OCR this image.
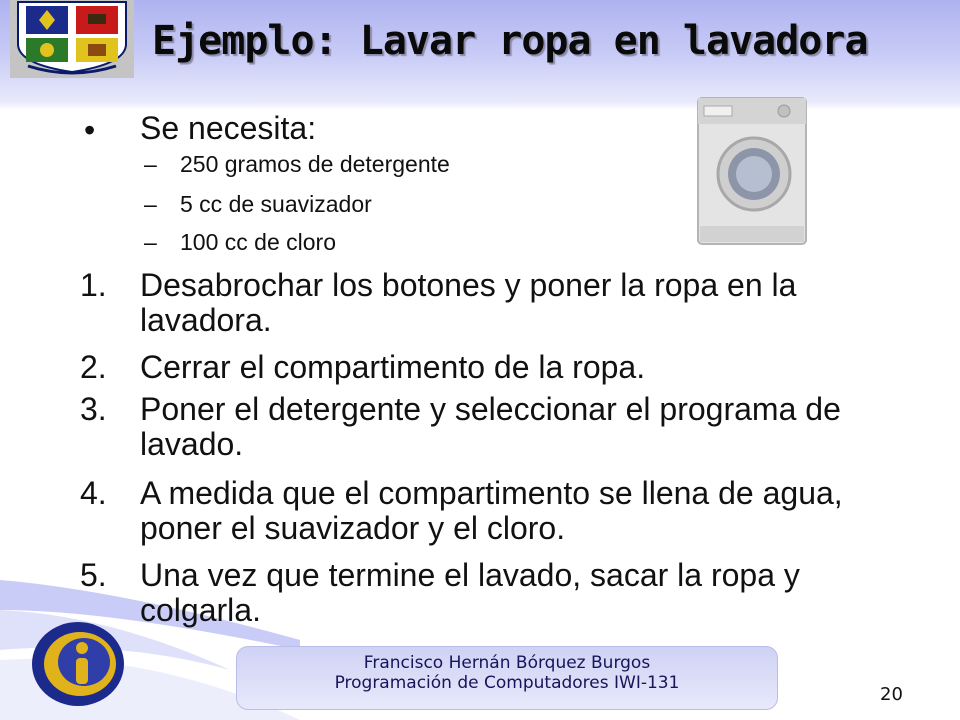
Ejemplo: Lavar ropa en lavadora
• Se necesita:
– 250 gramos de detergente
– 5 cc de suavizador
– 100 cc de cloro
1. Desabrochar los botones y poner la ropa en la lavadora.
2. Cerrar el compartimento de la ropa.
3. Poner el detergente y seleccionar el programa de lavado.
4. A medida que el compartimento se llena de agua, poner el suavizador y el cloro.
5. Una vez que termine el lavado, sacar la ropa y colgarla.
Francisco Hernán Bórquez Burgos
Programación de Computadores IWI-131
20
